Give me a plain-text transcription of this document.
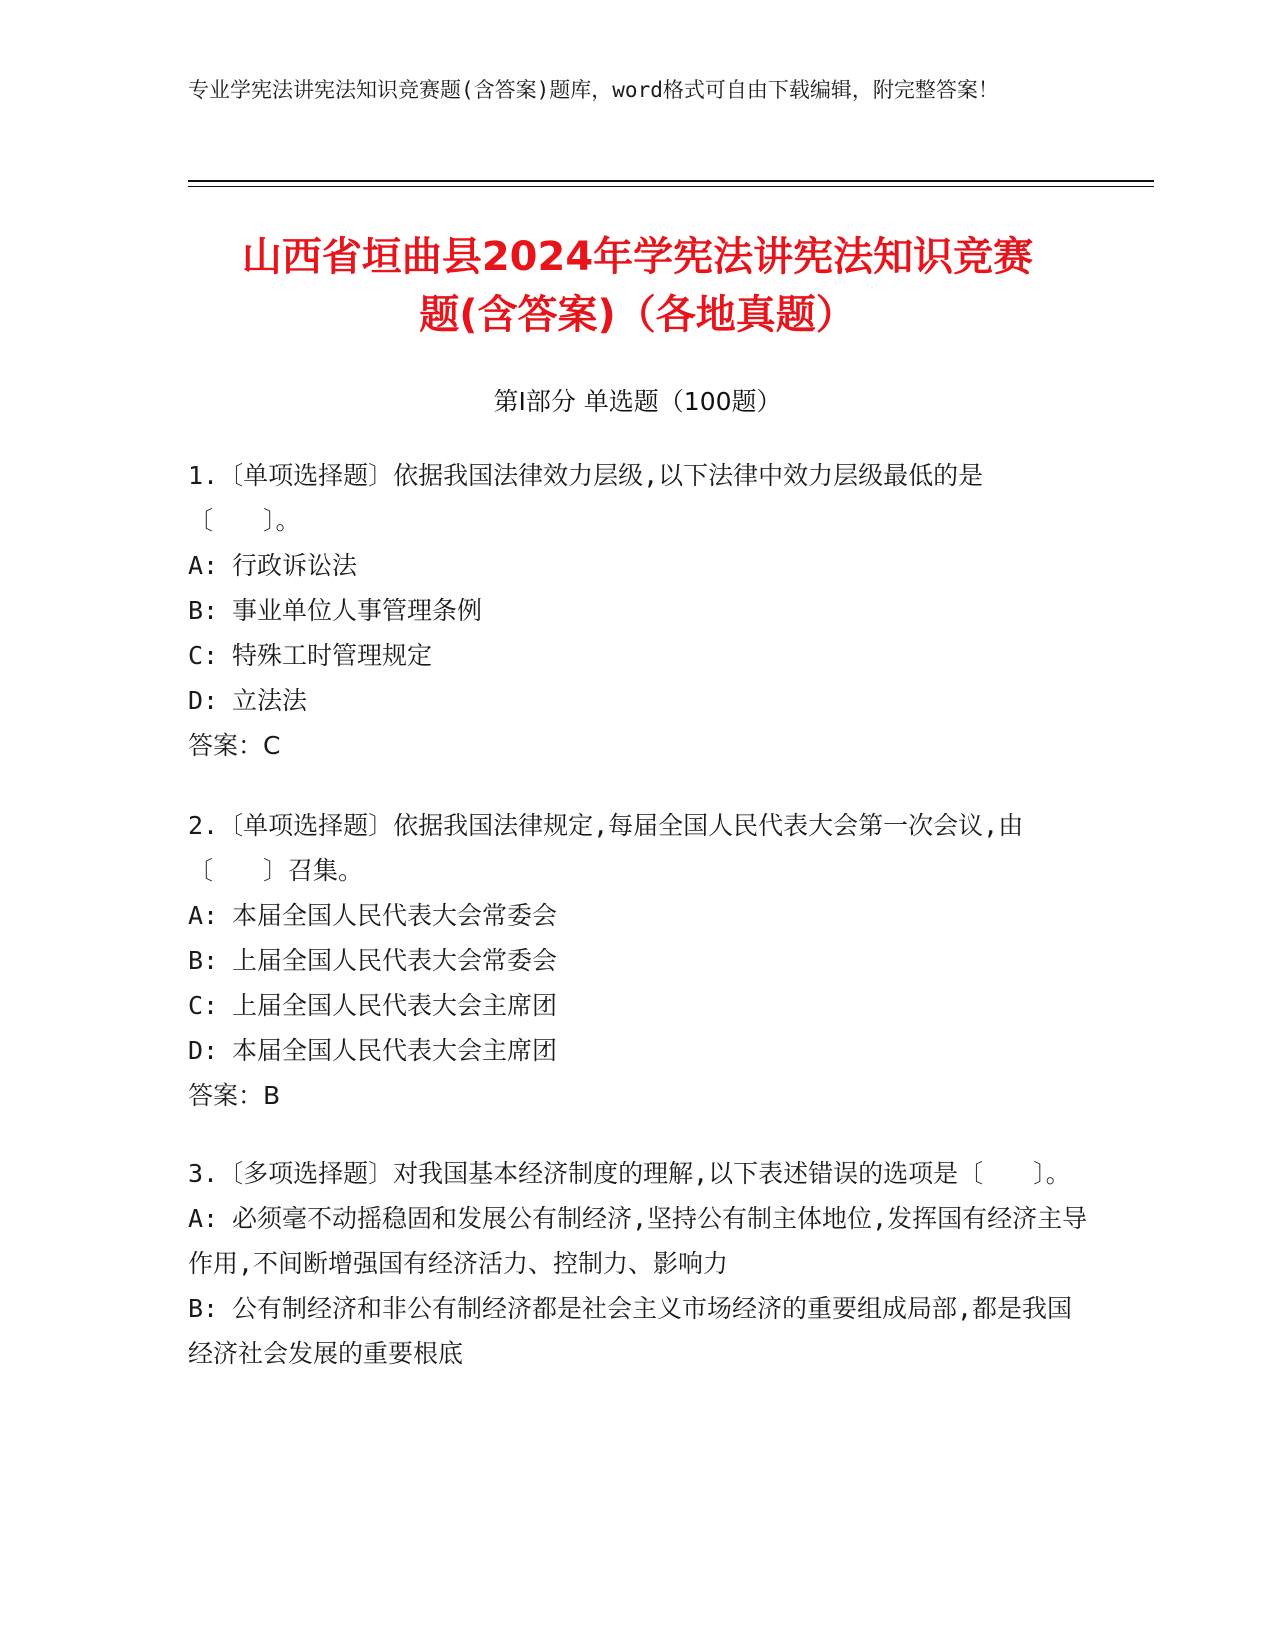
专业学宪法讲宪法知识竞赛题(含答案)题库，word格式可自由下载编辑，附完整答案！
山西省垣曲县2024年学宪法讲宪法知识竞赛
题(含答案)（各地真题）
第Ⅰ部分 单选题（100题）
1.〔单项选择题〕依据我国法律效力层级,以下法律中效力层级最低的是〔　　〕。
A: 行政诉讼法
B: 事业单位人事管理条例
C: 特殊工时管理规定
D: 立法法
答案：C
2.〔单项选择题〕依据我国法律规定,每届全国人民代表大会第一次会议,由〔　　〕召集。
A: 本届全国人民代表大会常委会
B: 上届全国人民代表大会常委会
C: 上届全国人民代表大会主席团
D: 本届全国人民代表大会主席团
答案：B
3.〔多项选择题〕对我国基本经济制度的理解,以下表述错误的选项是〔　　〕。
A: 必须毫不动摇稳固和发展公有制经济,坚持公有制主体地位,发挥国有经济主导作用,不间断增强国有经济活力、控制力、影响力
B: 公有制经济和非公有制经济都是社会主义市场经济的重要组成局部,都是我国经济社会发展的重要根底
